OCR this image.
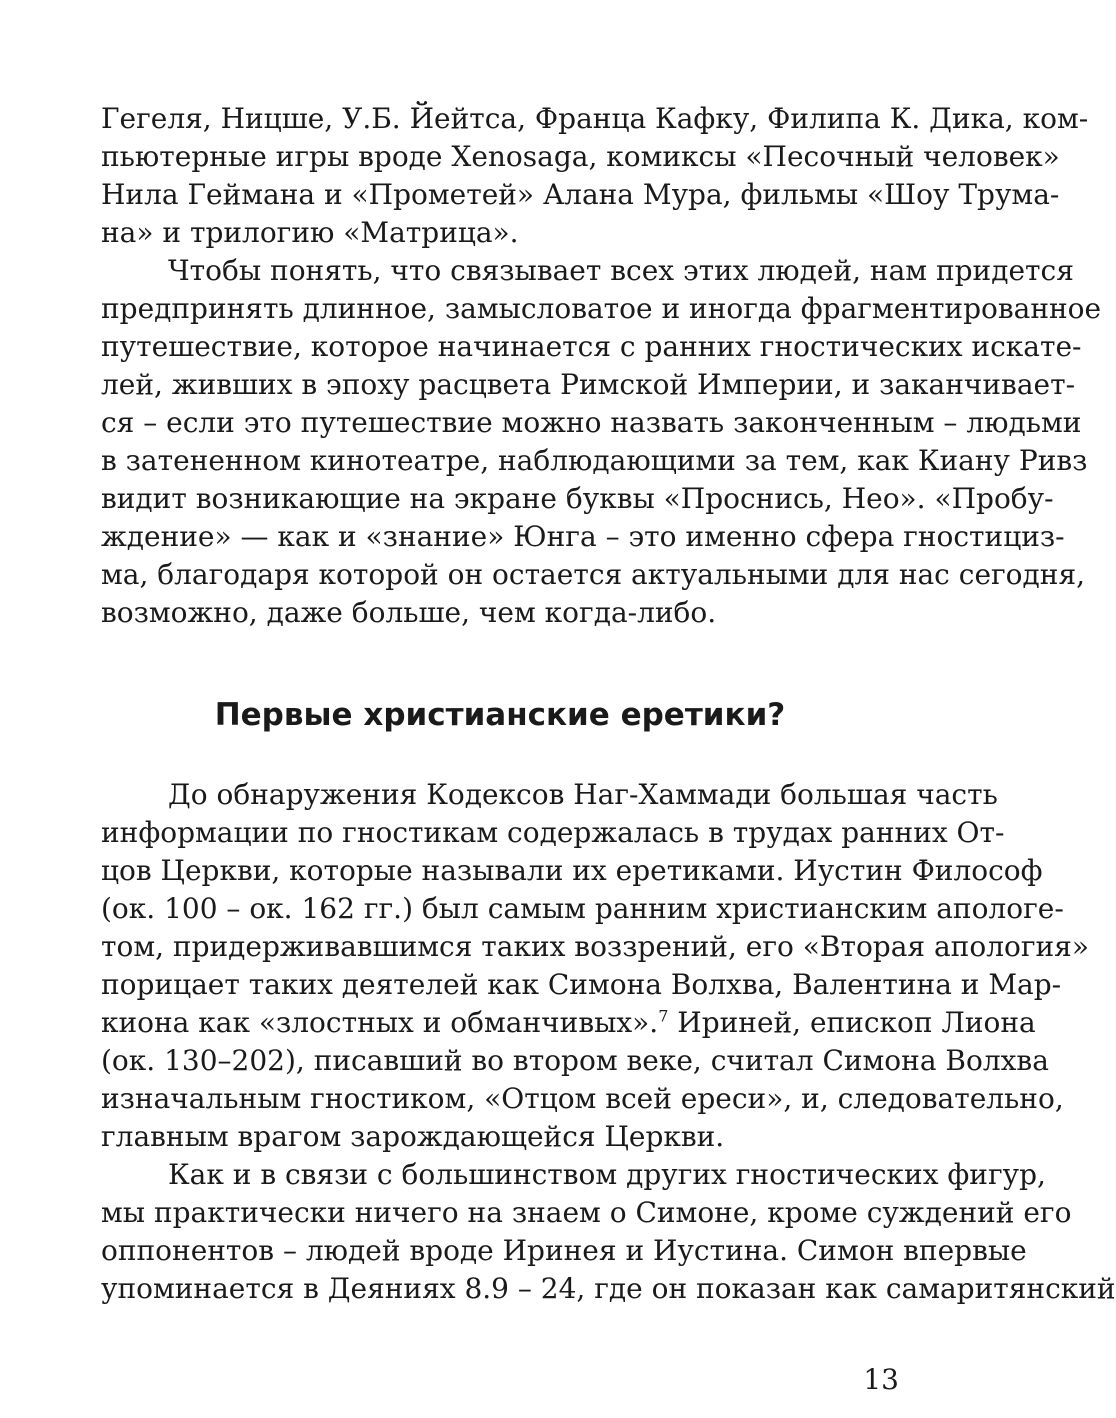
Гегеля, Ницше, У.Б. Йейтса, Франца Кафку, Филипа К. Дика, ком-
пьютерные игры вроде Xenosaga, комиксы «Песочный человек»
Нила Геймана и «Прометей» Алана Мура, фильмы «Шоу Трума-
на» и трилогию «Матрица».
Чтобы понять, что связывает всех этих людей, нам придется
предпринять длинное, замысловатое и иногда фрагментированное
путешествие, которое начинается с ранних гностических искате-
лей, живших в эпоху расцвета Римской Империи, и заканчивает-
ся – если это путешествие можно назвать законченным – людьми
в затененном кинотеатре, наблюдающими за тем, как Киану Ривз
видит возникающие на экране буквы «Проснись, Нео». «Пробу-
ждение» — как и «знание» Юнга – это именно сфера гностициз-
ма, благодаря которой он остается актуальными для нас сегодня,
возможно, даже больше, чем когда-либо.
Первые христианские еретики?
До обнаружения Кодексов Наг-Хаммади большая часть
информации по гностикам содержалась в трудах ранних От-
цов Церкви, которые называли их еретиками. Иустин Философ
(ок. 100 – ок. 162 гг.) был самым ранним христианским апологе-
том, придерживавшимся таких воззрений, его «Вторая апология»
порицает таких деятелей как Симона Волхва, Валентина и Мар-
киона как «злостных и обманчивых».$^7$ Ириней, епископ Лиона
(ок. 130–202), писавший во втором веке, считал Симона Волхва
изначальным гностиком, «Отцом всей ереси», и, следовательно,
главным врагом зарождающейся Церкви.
Как и в связи с большинством других гностических фигур,
мы практически ничего на знаем о Симоне, кроме суждений его
оппонентов – людей вроде Иринея и Иустина. Симон впервые
упоминается в Деяниях 8.9 – 24, где он показан как самаритянский
13
